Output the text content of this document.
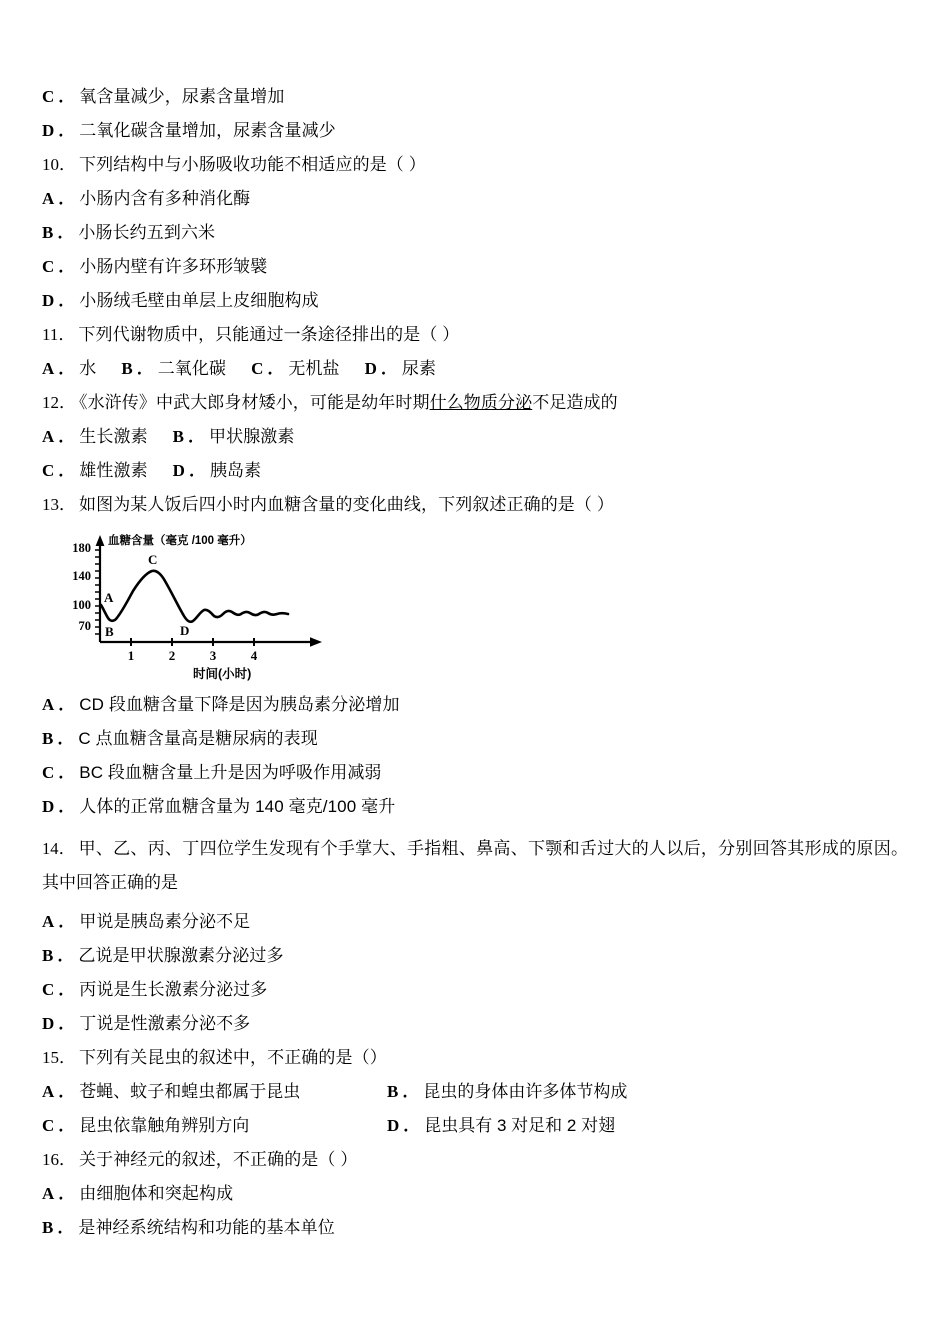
C ． 氧含量减少，尿素含量增加
D ． 二氧化碳含量增加，尿素含量减少
10． 下列结构中与小肠吸收功能不相适应的是（ ）
A ． 小肠内含有多种消化酶
B ． 小肠长约五到六米
C ． 小肠内壁有许多环形皱襞
D ． 小肠绒毛壁由单层上皮细胞构成
11． 下列代谢物质中，只能通过一条途径排出的是（ ）
A ． 水 B ． 二氧化碳 C ． 无机盐 D ． 尿素
12． 《水浒传》中武大郎身材矮小，可能是幼年时期什么物质分泌不足造成的
A ． 生长激素 B ． 甲状腺激素
C ． 雄性激素 D ． 胰岛素
13． 如图为某人饭后四小时内血糖含量的变化曲线，下列叙述正确的是（ ）
180
140
100
70
血糖含量（毫克 /100 毫升）
1	2	3	4
时间(小时)
A
B
C
D
A ． CD 段血糖含量下降是因为胰岛素分泌增加
B ． C 点血糖含量高是糖尿病的表现
C ． BC 段血糖含量上升是因为呼吸作用减弱
D ． 人体的正常血糖含量为 140 毫克/100 毫升
14． 甲、乙、丙、丁四位学生发现有个手掌大、手指粗、鼻高、下颚和舌过大的人以后，分别回答其形成的原因。其中回答正确的是
A ． 甲说是胰岛素分泌不足
B ． 乙说是甲状腺激素分泌过多
C ． 丙说是生长激素分泌过多
D ． 丁说是性激素分泌不多
15． 下列有关昆虫的叙述中，不正确的是（）
A ． 苍蝇、蚊子和蝗虫都属于昆虫	B ． 昆虫的身体由许多体节构成
C ． 昆虫依靠触角辨别方向	D ． 昆虫具有 3 对足和 2 对翅
16． 关于神经元的叙述，不正确的是（ ）
A ． 由细胞体和突起构成
B ． 是神经系统结构和功能的基本单位
